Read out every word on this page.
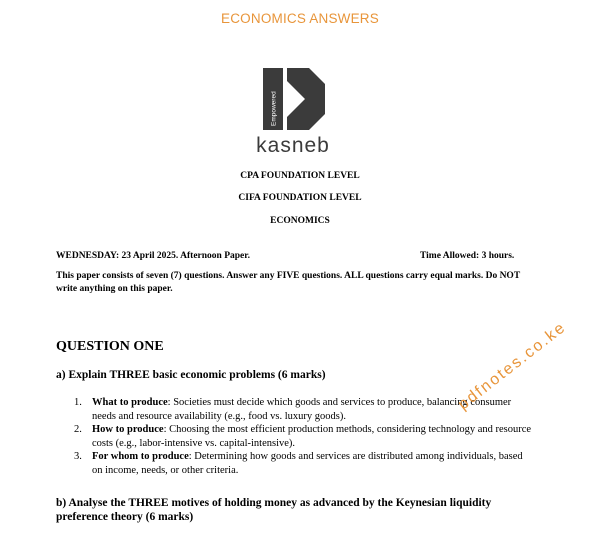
ECONOMICS ANSWERS
Empowered
kasneb
CPA FOUNDATION LEVEL
CIFA FOUNDATION LEVEL
ECONOMICS
WEDNESDAY: 23 April 2025. Afternoon Paper.	Time Allowed: 3 hours.
This paper consists of seven (7) questions. Answer any FIVE questions. ALL questions carry equal marks. Do NOT write anything on this paper.
QUESTION ONE
a) Explain THREE basic economic problems (6 marks)
1. What to produce: Societies must decide which goods and services to produce, balancing consumer needs and resource availability (e.g., food vs. luxury goods).
2. How to produce: Choosing the most efficient production methods, considering technology and resource costs (e.g., labor-intensive vs. capital-intensive).
3. For whom to produce: Determining how goods and services are distributed among individuals, based on income, needs, or other criteria.
b) Analyse the THREE motives of holding money as advanced by the Keynesian liquidity preference theory (6 marks)
pdfnotes.co.ke
